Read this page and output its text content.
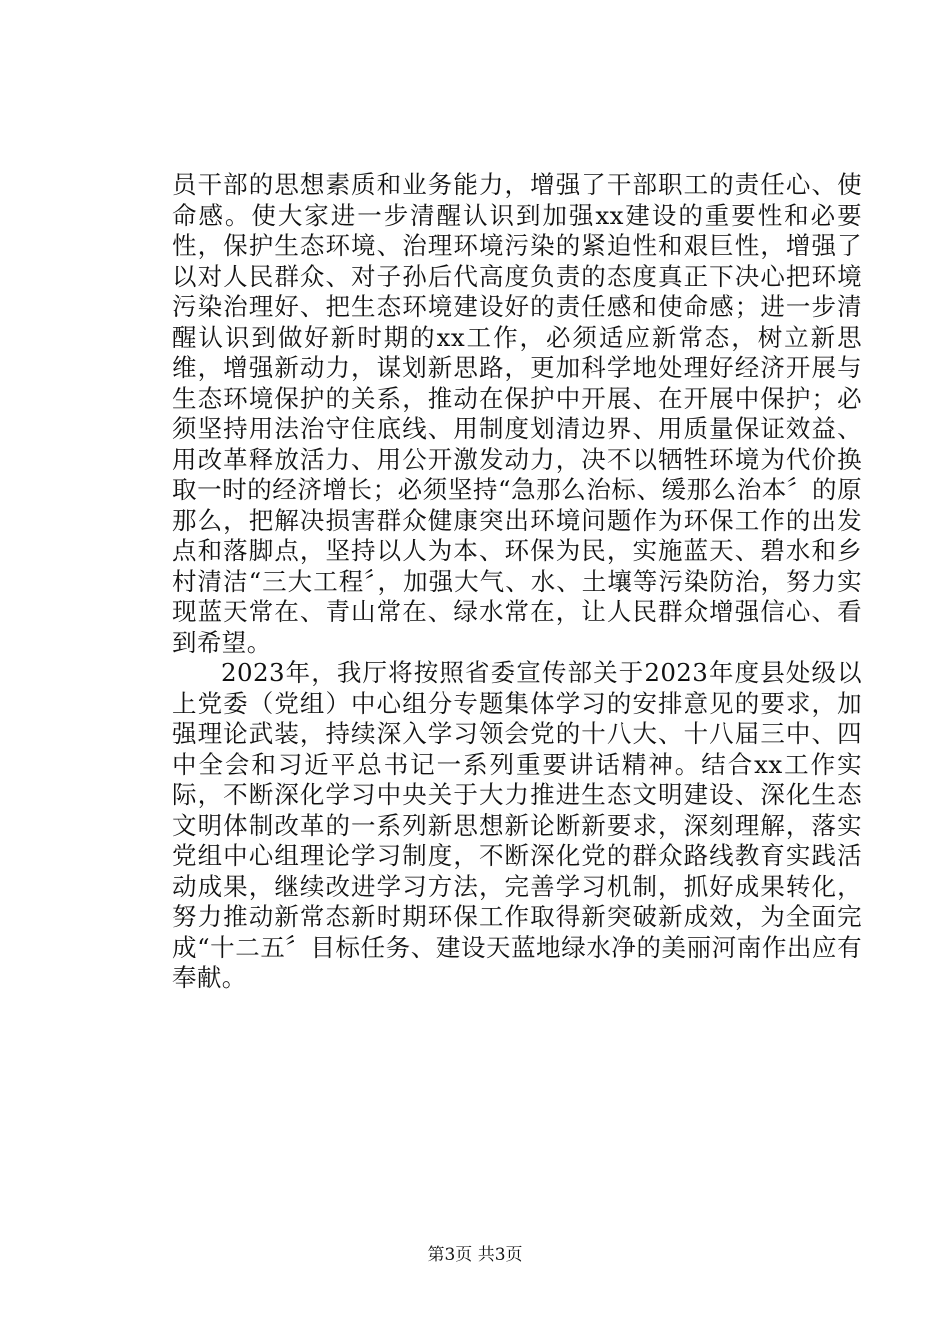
员干部的思想素质和业务能力，增强了干部职工的责任心、使命感。使大家进一步清醒认识到加强xx建设的重要性和必要性，保护生态环境、治理环境污染的紧迫性和艰巨性，增强了以对人民群众、对子孙后代高度负责的态度真正下决心把环境污染治理好、把生态环境建设好的责任感和使命感；进一步清醒认识到做好新时期的xx工作，必须适应新常态，树立新思维，增强新动力，谋划新思路，更加科学地处理好经济开展与生态环境保护的关系，推动在保护中开展、在开展中保护；必须坚持用法治守住底线、用制度划清边界、用质量保证效益、用改革释放活力、用公开激发动力，决不以牺牲环境为代价换取一时的经济增长；必须坚持“急那么治标、缓那么治本〞的原那么，把解决损害群众健康突出环境问题作为环保工作的出发点和落脚点，坚持以人为本、环保为民，实施蓝天、碧水和乡村清洁“三大工程〞，加强大气、水、土壤等污染防治，努力实现蓝天常在、青山常在、绿水常在，让人民群众增强信心、看到希望。

2023年，我厅将按照省委宣传部关于2023年度县处级以上党委（党组）中心组分专题集体学习的安排意见的要求，加强理论武装，持续深入学习领会党的十八大、十八届三中、四中全会和习近平总书记一系列重要讲话精神。结合xx工作实际，不断深化学习中央关于大力推进生态文明建设、深化生态文明体制改革的一系列新思想新论断新要求，深刻理解，落实党组中心组理论学习制度，不断深化党的群众路线教育实践活动成果，继续改进学习方法，完善学习机制，抓好成果转化，努力推动新常态新时期环保工作取得新突破新成效，为全面完成“十二五〞目标任务、建设天蓝地绿水净的美丽河南作出应有奉献。

第3页 共3页
